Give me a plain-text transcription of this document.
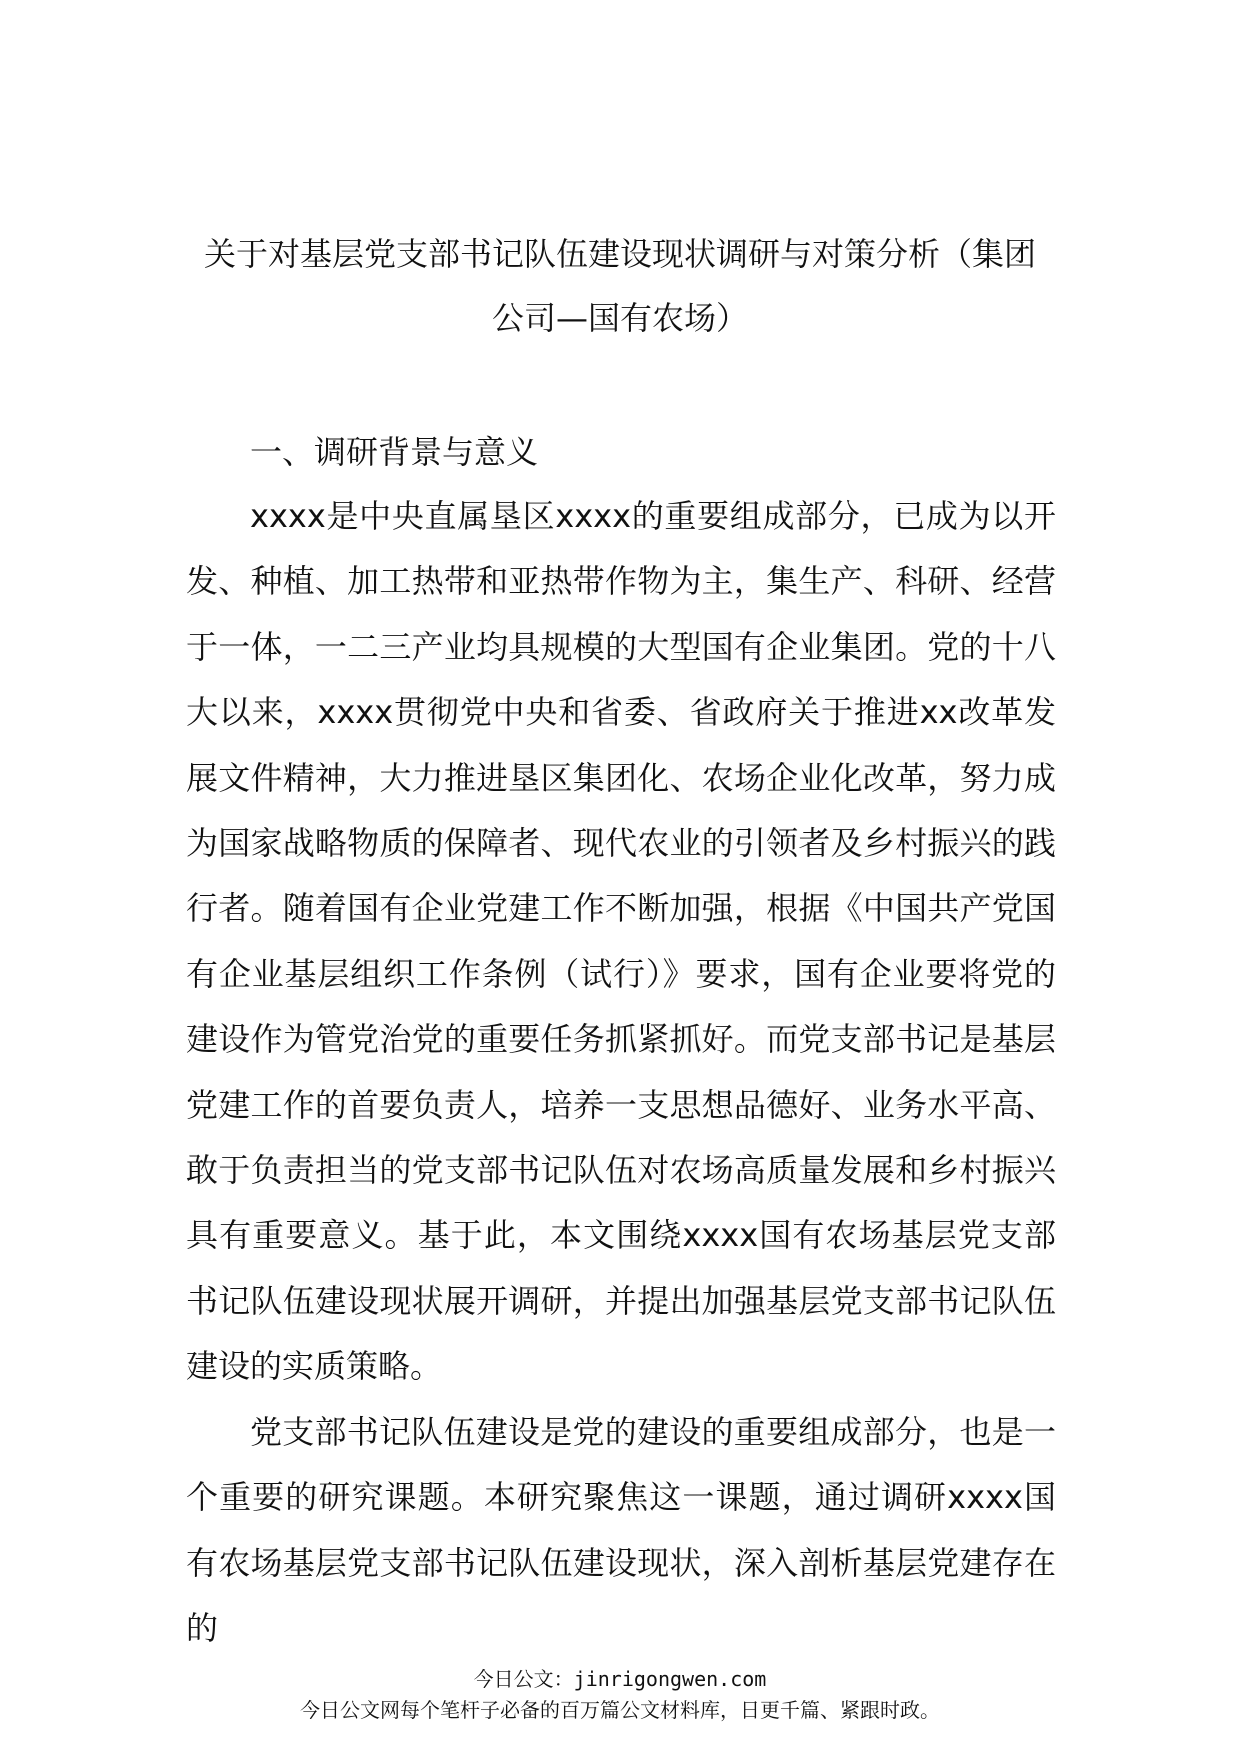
关于对基层党支部书记队伍建设现状调研与对策分析（集团公司—国有农场）
一、调研背景与意义

xxxx是中央直属垦区xxxx的重要组成部分，已成为以开发、种植、加工热带和亚热带作物为主，集生产、科研、经营于一体，一二三产业均具规模的大型国有企业集团。党的十八大以来，xxxx贯彻党中央和省委、省政府关于推进xx改革发展文件精神，大力推进垦区集团化、农场企业化改革，努力成为国家战略物质的保障者、现代农业的引领者及乡村振兴的践行者。随着国有企业党建工作不断加强，根据《中国共产党国有企业基层组织工作条例（试行）》要求，国有企业要将党的建设作为管党治党的重要任务抓紧抓好。而党支部书记是基层党建工作的首要负责人，培养一支思想品德好、业务水平高、敢于负责担当的党支部书记队伍对农场高质量发展和乡村振兴具有重要意义。基于此，本文围绕xxxx国有农场基层党支部书记队伍建设现状展开调研，并提出加强基层党支部书记队伍建设的实质策略。

党支部书记队伍建设是党的建设的重要组成部分，也是一个重要的研究课题。本研究聚焦这一课题，通过调研xxxx国有农场基层党支部书记队伍建设现状，深入剖析基层党建存在的

今日公文：jinrigongwen.com
今日公文网每个笔杆子必备的百万篇公文材料库，日更千篇、紧跟时政。
